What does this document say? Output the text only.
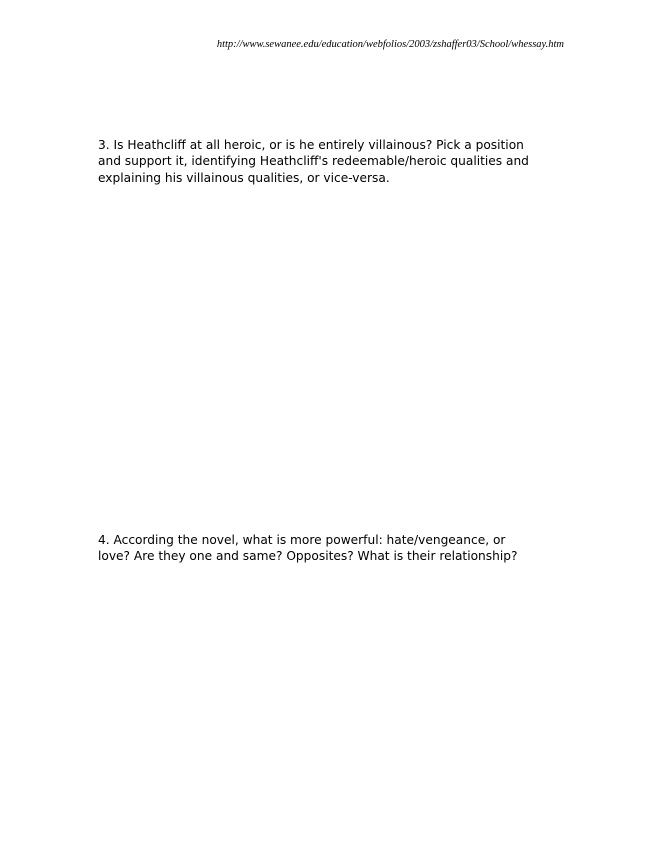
http://www.sewanee.edu/education/webfolios/2003/zshaffer03/School/whessay.htm
3. Is Heathcliff at all heroic, or is he entirely villainous? Pick a position
and support it, identifying Heathcliff's redeemable/heroic qualities and
explaining his villainous qualities, or vice-versa.
4. According the novel, what is more powerful: hate/vengeance, or
love? Are they one and same? Opposites? What is their relationship?
